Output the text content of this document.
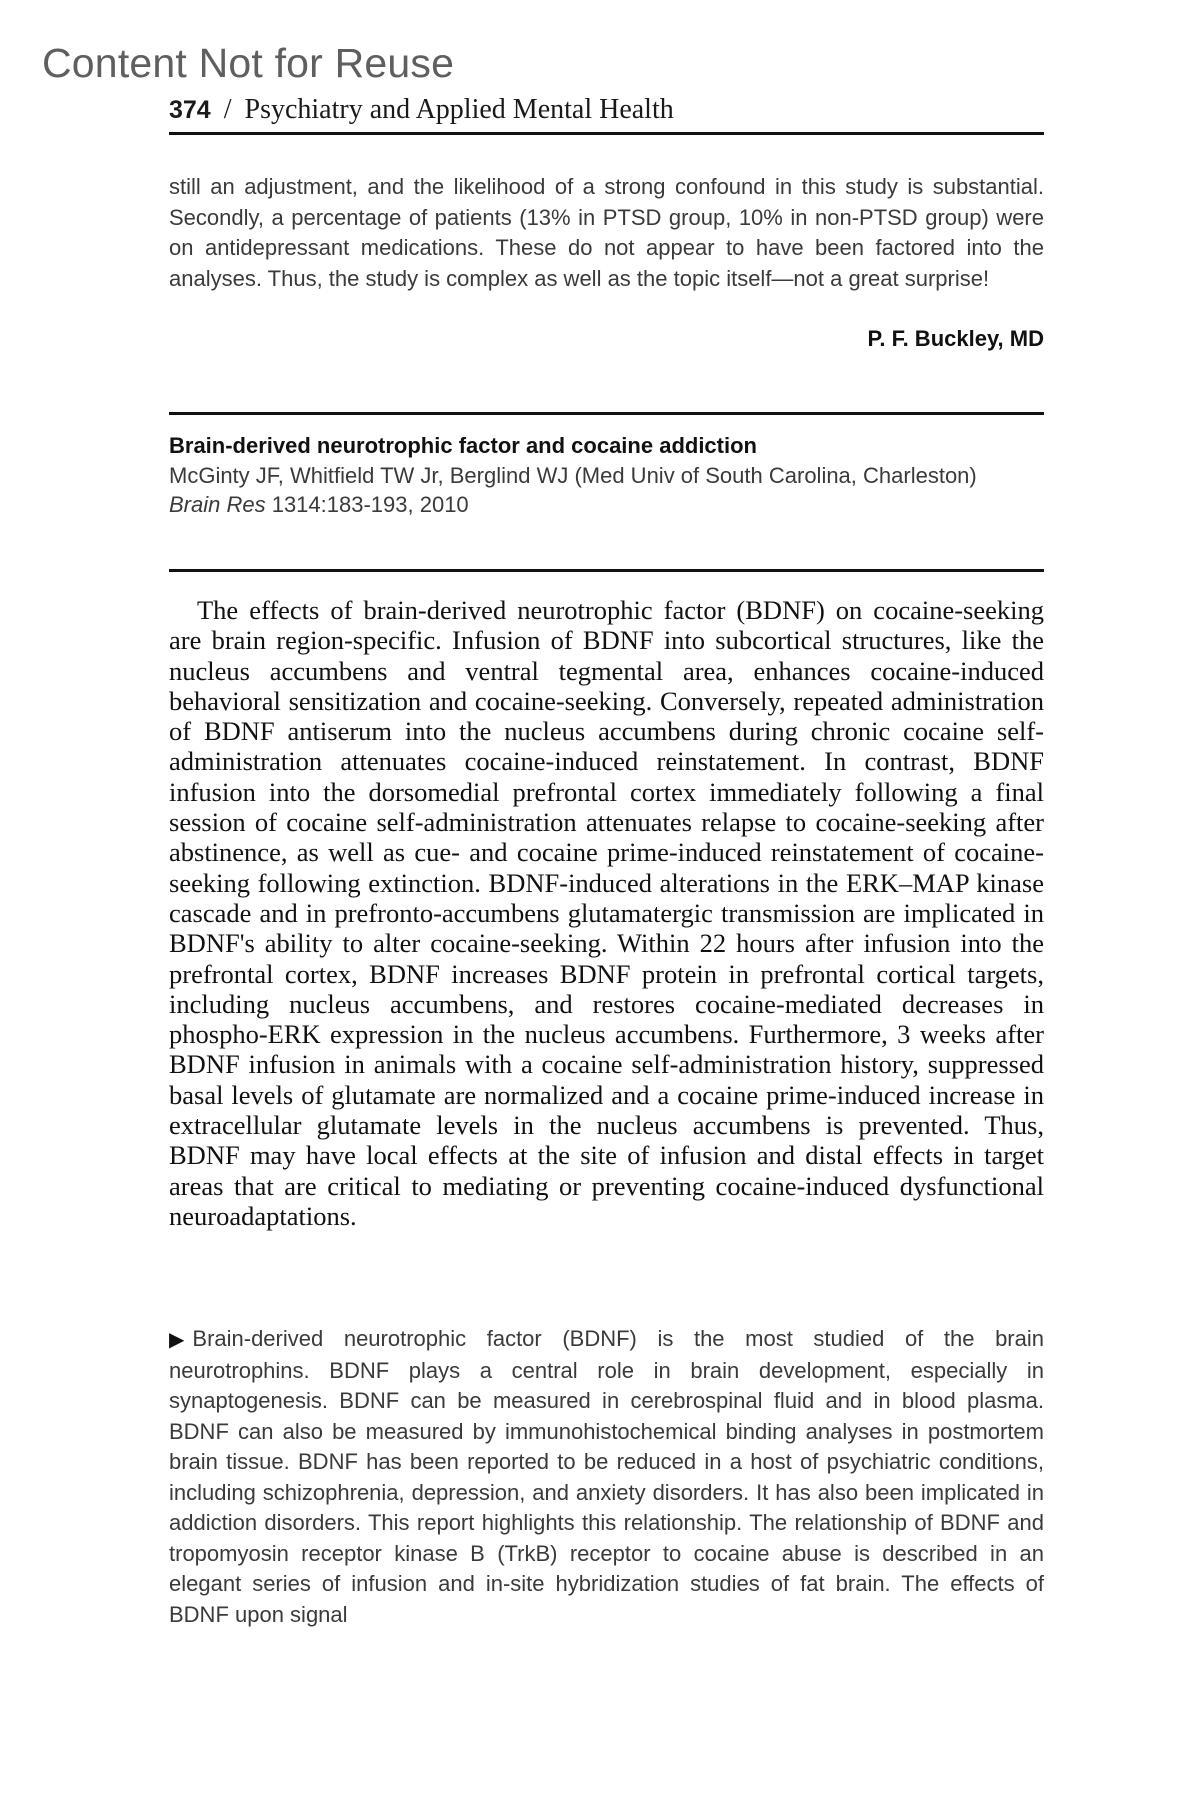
Content Not for Reuse
374 / Psychiatry and Applied Mental Health
still an adjustment, and the likelihood of a strong confound in this study is substantial. Secondly, a percentage of patients (13% in PTSD group, 10% in non-PTSD group) were on antidepressant medications. These do not appear to have been factored into the analyses. Thus, the study is complex as well as the topic itself—not a great surprise!
P. F. Buckley, MD
Brain-derived neurotrophic factor and cocaine addiction
McGinty JF, Whitfield TW Jr, Berglind WJ (Med Univ of South Carolina, Charleston)
Brain Res 1314:183-193, 2010
The effects of brain-derived neurotrophic factor (BDNF) on cocaine-seeking are brain region-specific. Infusion of BDNF into subcortical structures, like the nucleus accumbens and ventral tegmental area, enhances cocaine-induced behavioral sensitization and cocaine-seeking. Conversely, repeated administration of BDNF antiserum into the nucleus accumbens during chronic cocaine self-administration attenuates cocaine-induced reinstatement. In contrast, BDNF infusion into the dorsomedial prefrontal cortex immediately following a final session of cocaine self-administration attenuates relapse to cocaine-seeking after abstinence, as well as cue- and cocaine prime-induced reinstatement of cocaine-seeking following extinction. BDNF-induced alterations in the ERK–MAP kinase cascade and in prefronto-accumbens glutamatergic transmission are implicated in BDNF's ability to alter cocaine-seeking. Within 22 hours after infusion into the prefrontal cortex, BDNF increases BDNF protein in prefrontal cortical targets, including nucleus accumbens, and restores cocaine-mediated decreases in phospho-ERK expression in the nucleus accumbens. Furthermore, 3 weeks after BDNF infusion in animals with a cocaine self-administration history, suppressed basal levels of glutamate are normalized and a cocaine prime-induced increase in extracellular glutamate levels in the nucleus accumbens is prevented. Thus, BDNF may have local effects at the site of infusion and distal effects in target areas that are critical to mediating or preventing cocaine-induced dysfunctional neuroadaptations.
▶ Brain-derived neurotrophic factor (BDNF) is the most studied of the brain neurotrophins. BDNF plays a central role in brain development, especially in synaptogenesis. BDNF can be measured in cerebrospinal fluid and in blood plasma. BDNF can also be measured by immunohistochemical binding analyses in postmortem brain tissue. BDNF has been reported to be reduced in a host of psychiatric conditions, including schizophrenia, depression, and anxiety disorders. It has also been implicated in addiction disorders. This report highlights this relationship. The relationship of BDNF and tropomyosin receptor kinase B (TrkB) receptor to cocaine abuse is described in an elegant series of infusion and in-site hybridization studies of fat brain. The effects of BDNF upon signal
